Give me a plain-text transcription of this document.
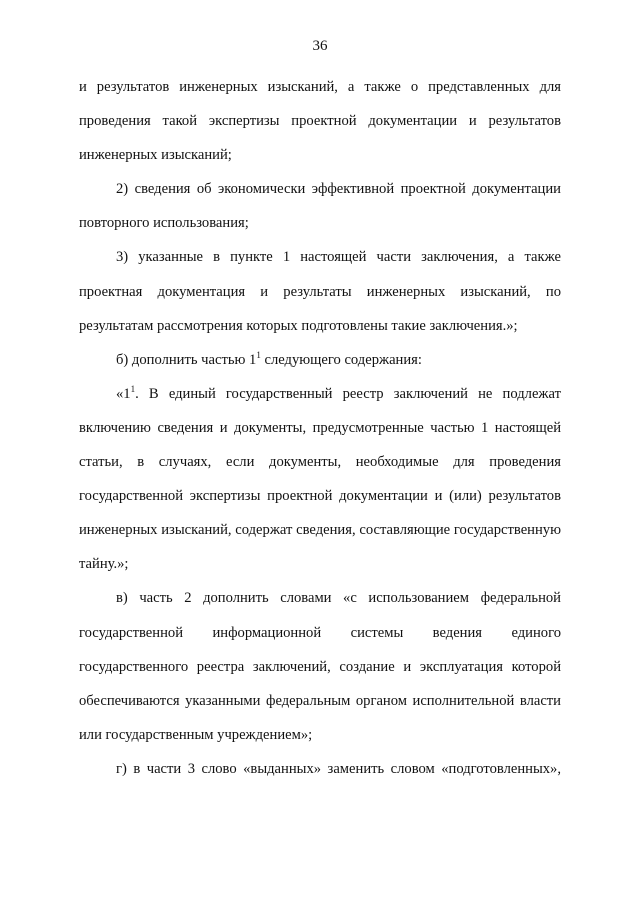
36

и результатов инженерных изысканий, а также о представленных для проведения такой экспертизы проектной документации и результатов инженерных изысканий;

2) сведения об экономически эффективной проектной документации повторного использования;

3) указанные в пункте 1 настоящей части заключения, а также проектная документация и результаты инженерных изысканий, по результатам рассмотрения которых подготовлены такие заключения.»;

б) дополнить частью $1^1$ следующего содержания:

«$1^1$. В единый государственный реестр заключений не подлежат включению сведения и документы, предусмотренные частью 1 настоящей статьи, в случаях, если документы, необходимые для проведения государственной экспертизы проектной документации и (или) результатов инженерных изысканий, содержат сведения, составляющие государственную тайну.»;

в) часть 2 дополнить словами «с использованием федеральной государственной информационной системы ведения единого государственного реестра заключений, создание и эксплуатация которой обеспечиваются указанными федеральным органом исполнительной власти или государственным учреждением»;

г) в части 3 слово «выданных» заменить словом «подготовленных»,
